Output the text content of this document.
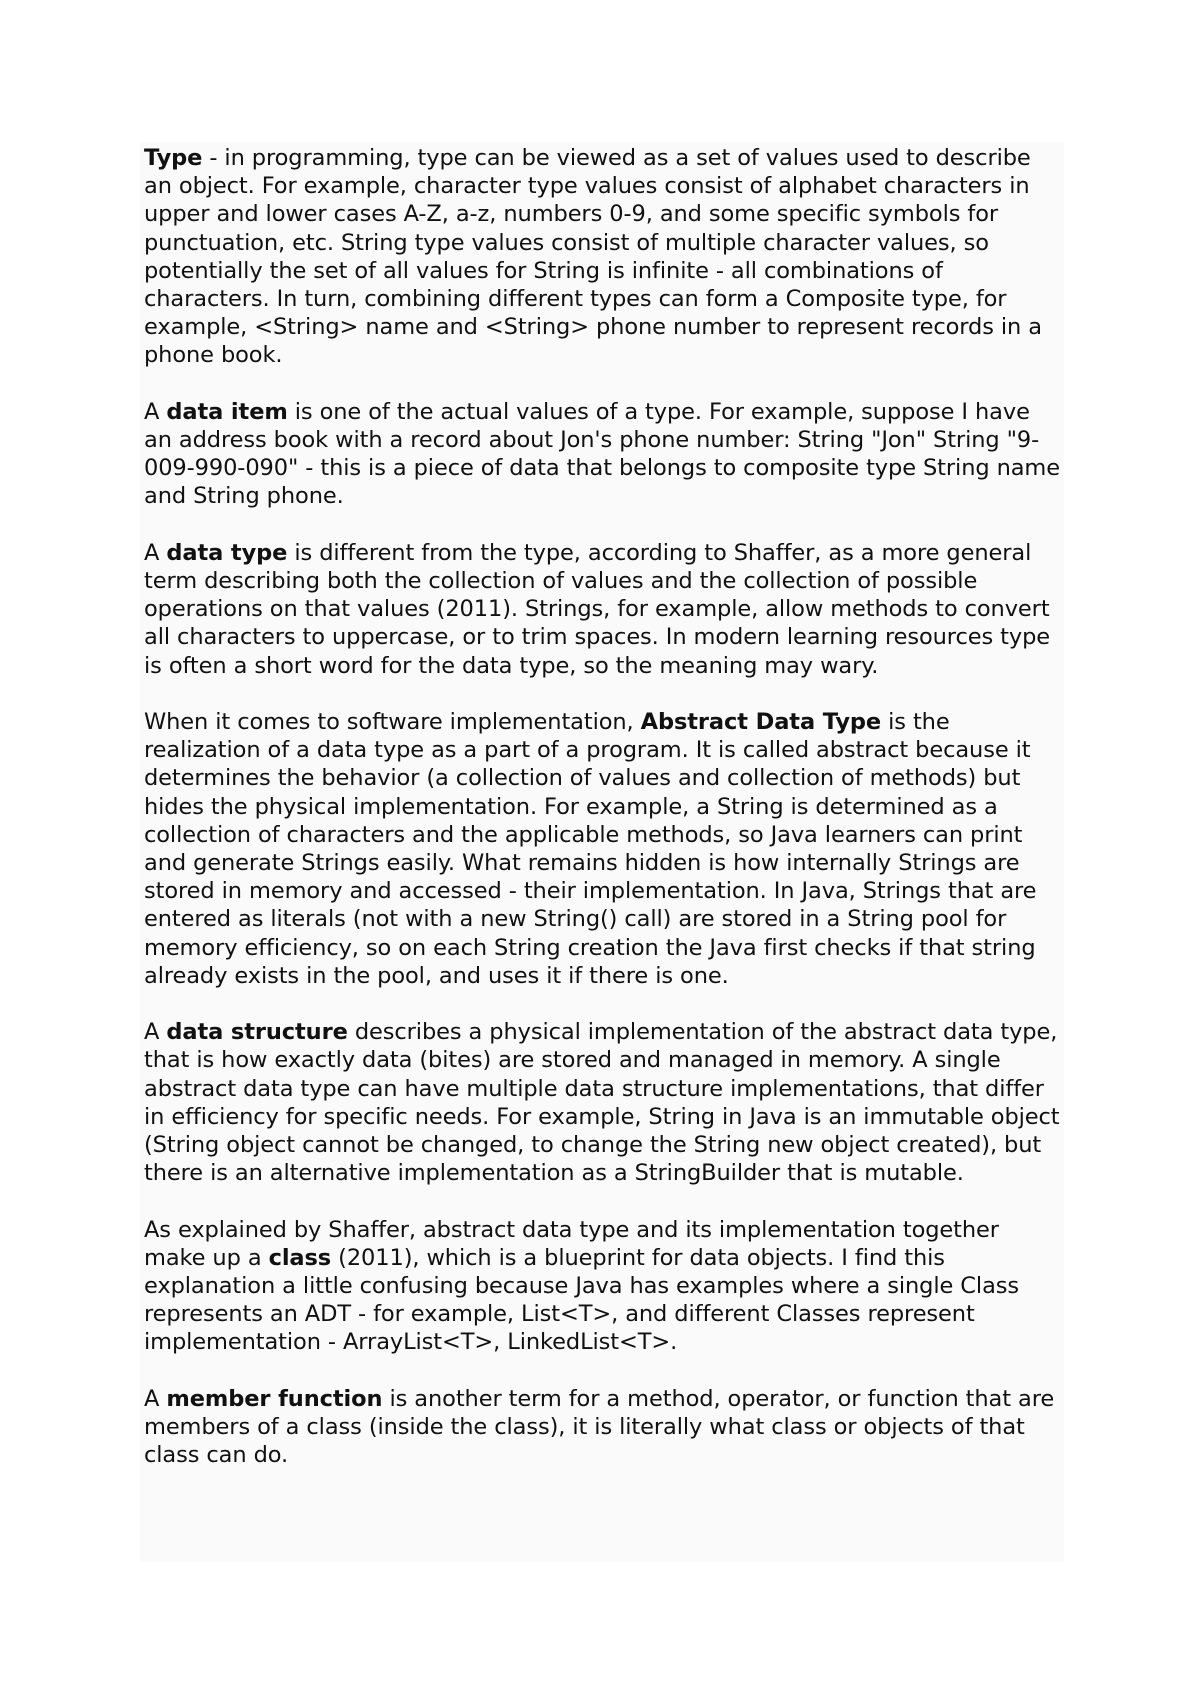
Type - in programming, type can be viewed as a set of values used to describe an object. For example, character type values consist of alphabet characters in upper and lower cases A-Z, a-z, numbers 0-9, and some specific symbols for punctuation, etc. String type values consist of multiple character values, so potentially the set of all values for String is infinite - all combinations of characters. In turn, combining different types can form a Composite type, for example, <String> name and <String> phone number to represent records in a phone book.

A data item is one of the actual values of a type. For example, suppose I have an address book with a record about Jon's phone number: String "Jon" String "9-009-990-090" - this is a piece of data that belongs to composite type String name and String phone.

A data type is different from the type, according to Shaffer, as a more general term describing both the collection of values and the collection of possible operations on that values (2011). Strings, for example, allow methods to convert all characters to uppercase, or to trim spaces. In modern learning resources type is often a short word for the data type, so the meaning may wary.

When it comes to software implementation, Abstract Data Type is the realization of a data type as a part of a program. It is called abstract because it determines the behavior (a collection of values and collection of methods) but hides the physical implementation. For example, a String is determined as a collection of characters and the applicable methods, so Java learners can print and generate Strings easily. What remains hidden is how internally Strings are stored in memory and accessed - their implementation. In Java, Strings that are entered as literals (not with a new String() call) are stored in a String pool for memory efficiency, so on each String creation the Java first checks if that string already exists in the pool, and uses it if there is one.

A data structure describes a physical implementation of the abstract data type, that is how exactly data (bites) are stored and managed in memory. A single abstract data type can have multiple data structure implementations, that differ in efficiency for specific needs. For example, String in Java is an immutable object (String object cannot be changed, to change the String new object created), but there is an alternative implementation as a StringBuilder that is mutable.

As explained by Shaffer, abstract data type and its implementation together make up a class (2011), which is a blueprint for data objects. I find this explanation a little confusing because Java has examples where a single Class represents an ADT - for example, List<T>, and different Classes represent implementation - ArrayList<T>, LinkedList<T>.

A member function is another term for a method, operator, or function that are members of a class (inside the class), it is literally what class or objects of that class can do.
